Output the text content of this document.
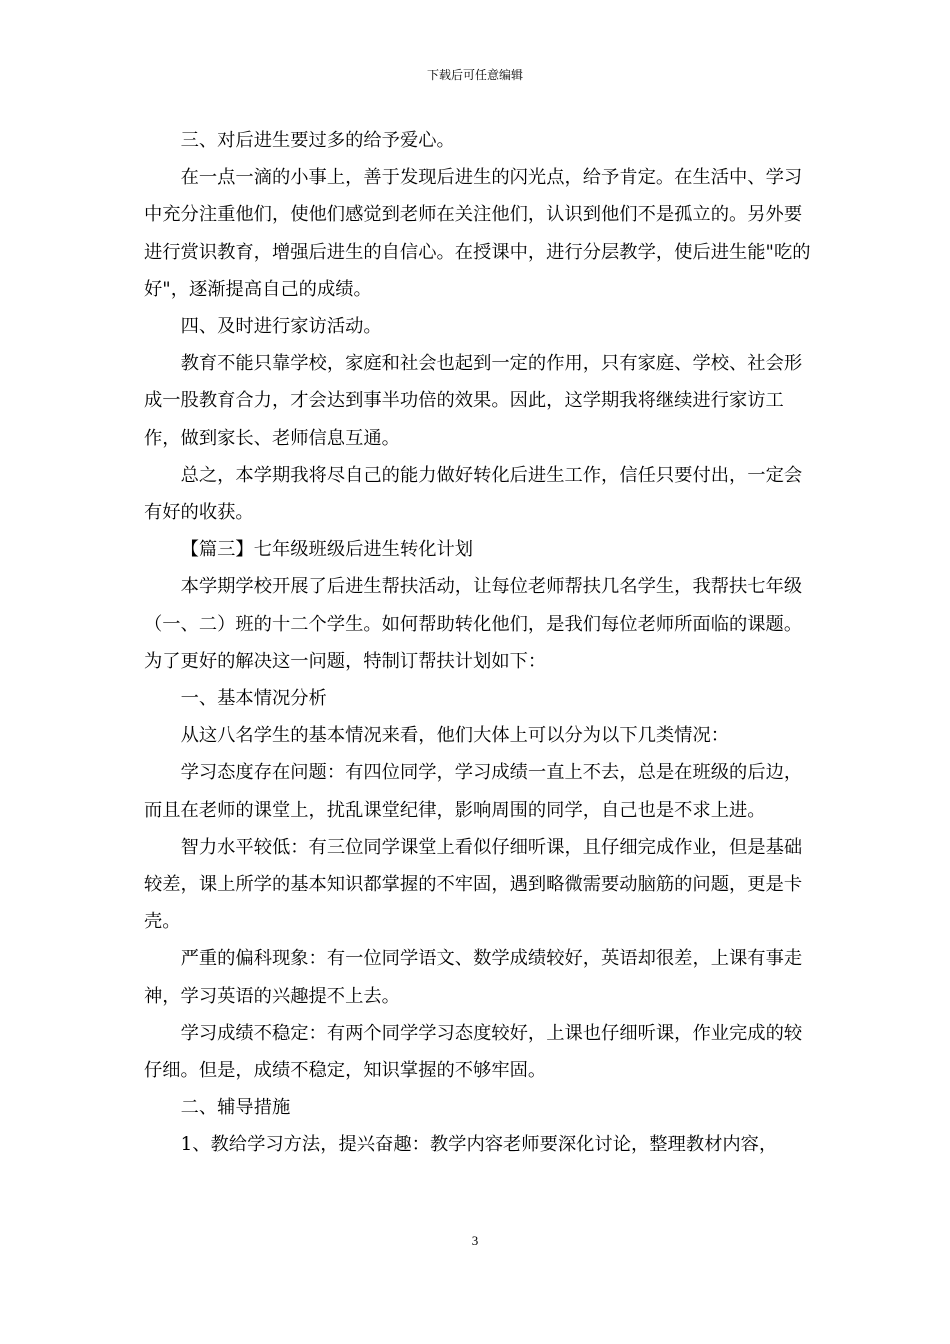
下载后可任意编辑

三、对后进生要过多的给予爱心。

在一点一滴的小事上，善于发现后进生的闪光点，给予肯定。在生活中、学习中充分注重他们，使他们感觉到老师在关注他们，认识到他们不是孤立的。另外要进行赏识教育，增强后进生的自信心。在授课中，进行分层教学，使后进生能"吃的好"，逐渐提高自己的成绩。

四、及时进行家访活动。

教育不能只靠学校，家庭和社会也起到一定的作用，只有家庭、学校、社会形成一股教育合力，才会达到事半功倍的效果。因此，这学期我将继续进行家访工作，做到家长、老师信息互通。

总之，本学期我将尽自己的能力做好转化后进生工作，信任只要付出，一定会有好的收获。

【篇三】七年级班级后进生转化计划

本学期学校开展了后进生帮扶活动，让每位老师帮扶几名学生，我帮扶七年级（一、二）班的十二个学生。如何帮助转化他们，是我们每位老师所面临的课题。为了更好的解决这一问题，特制订帮扶计划如下：

一、基本情况分析

从这八名学生的基本情况来看，他们大体上可以分为以下几类情况：

学习态度存在问题：有四位同学，学习成绩一直上不去，总是在班级的后边，而且在老师的课堂上，扰乱课堂纪律，影响周围的同学，自己也是不求上进。

智力水平较低：有三位同学课堂上看似仔细听课，且仔细完成作业，但是基础较差，课上所学的基本知识都掌握的不牢固，遇到略微需要动脑筋的问题，更是卡壳。

严重的偏科现象：有一位同学语文、数学成绩较好，英语却很差，上课有事走神，学习英语的兴趣提不上去。

学习成绩不稳定：有两个同学学习态度较好，上课也仔细听课，作业完成的较仔细。但是，成绩不稳定，知识掌握的不够牢固。

二、辅导措施

1、教给学习方法，提兴奋趣：教学内容老师要深化讨论，整理教材内容，

3
